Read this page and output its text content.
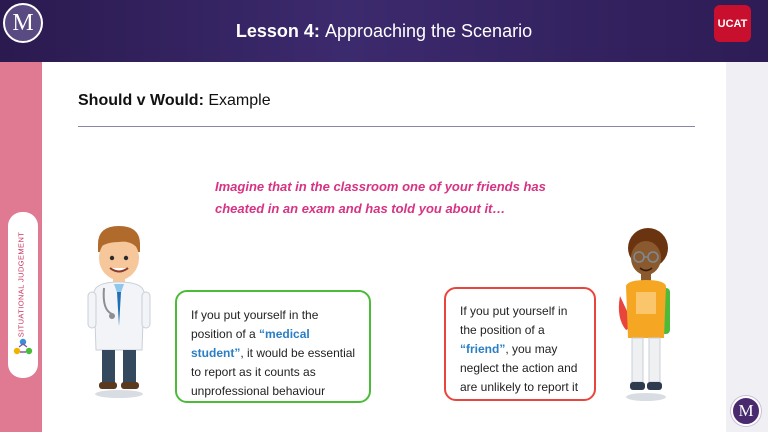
M	Lesson 4: Approaching the Scenario	UCAT
SITUATIONAL JUDGEMENT
Should v Would: Example
Imagine that in the classroom one of your friends has cheated in an exam and has told you about it…
If you put yourself in the position of a “medical student”, it would be essential to report as it counts as unprofessional behaviour
If you put yourself in the position of a “friend”, you may neglect the action and are unlikely to report it
M
